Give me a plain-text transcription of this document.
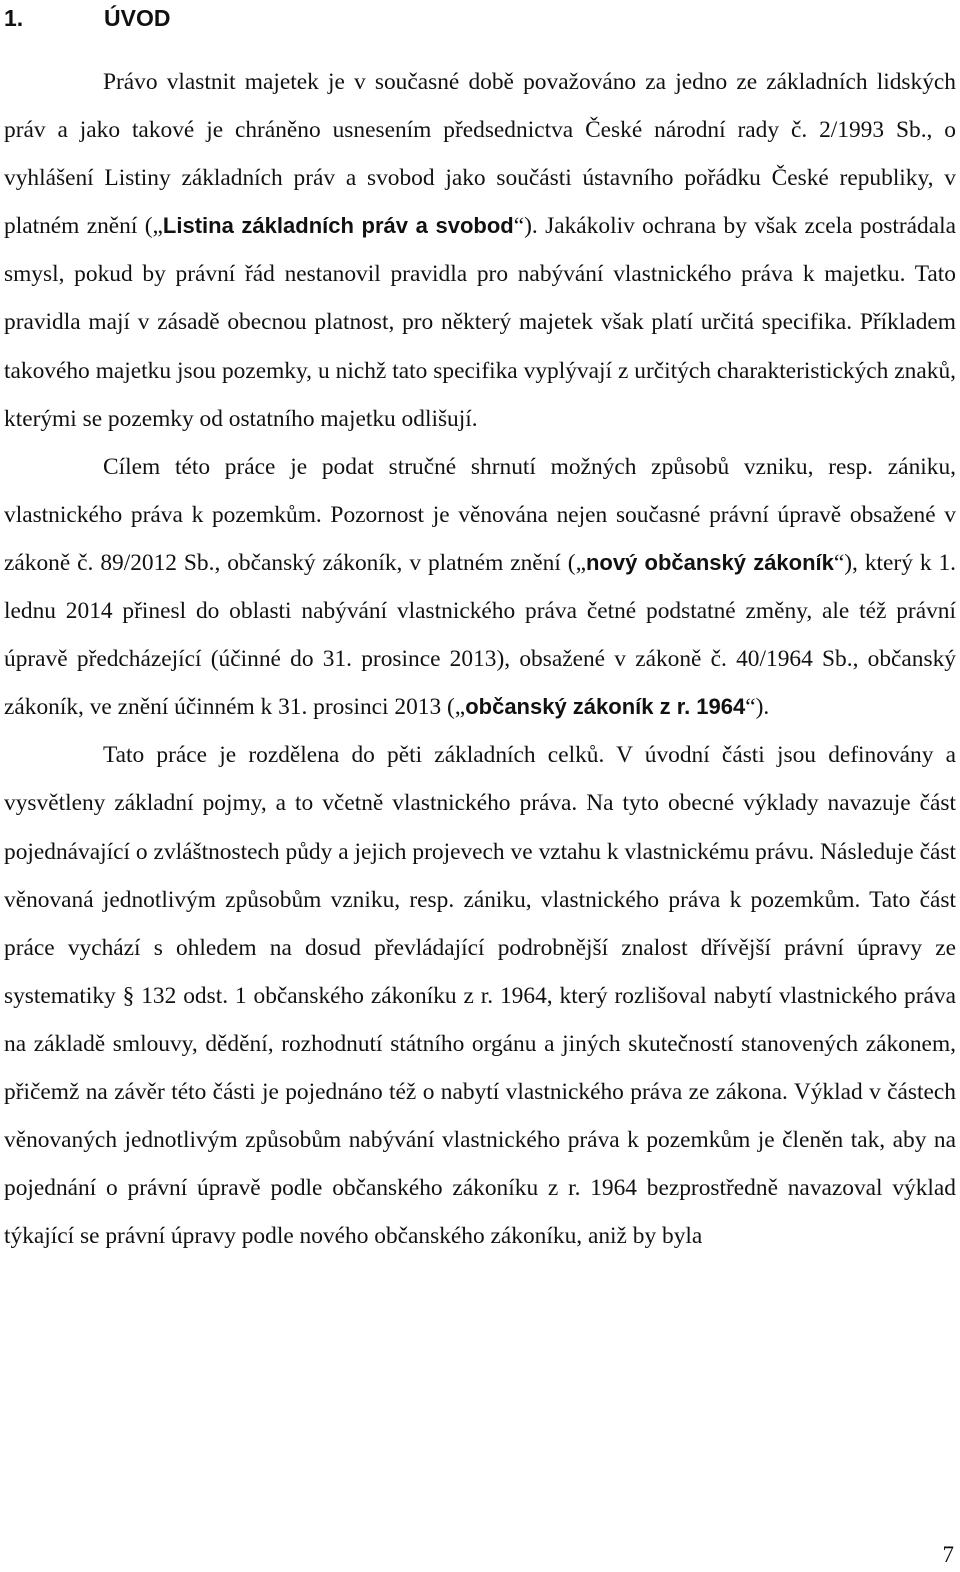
1.	ÚVOD

Právo vlastnit majetek je v současné době považováno za jedno ze základních lidských práv a jako takové je chráněno usnesením předsednictva České národní rady č. 2/1993 Sb., o vyhlášení Listiny základních práv a svobod jako součásti ústavního pořádku České republiky, v platném znění („Listina základních práv a svobod“). Jakákoliv ochrana by však zcela postrádala smysl, pokud by právní řád nestanovil pravidla pro nabývání vlastnického práva k majetku. Tato pravidla mají v zásadě obecnou platnost, pro některý majetek však platí určitá specifika. Příkladem takového majetku jsou pozemky, u nichž tato specifika vyplývají z určitých charakteristických znaků, kterými se pozemky od ostatního majetku odlišují.

Cílem této práce je podat stručné shrnutí možných způsobů vzniku, resp. zániku, vlastnického práva k pozemkům. Pozornost je věnována nejen současné právní úpravě obsažené v zákoně č. 89/2012 Sb., občanský zákoník, v platném znění („nový občanský zákoník“), který k 1. lednu 2014 přinesl do oblasti nabývání vlastnického práva četné podstatné změny, ale též právní úpravě předcházející (účinné do 31. prosince 2013), obsažené v zákoně č. 40/1964 Sb., občanský zákoník, ve znění účinném k 31. prosinci 2013 („občanský zákoník z r. 1964“).

Tato práce je rozdělena do pěti základních celků. V úvodní části jsou definovány a vysvětleny základní pojmy, a to včetně vlastnického práva. Na tyto obecné výklady navazuje část pojednávající o zvláštnostech půdy a jejich projevech ve vztahu k vlastnickému právu. Následuje část věnovaná jednotlivým způsobům vzniku, resp. zániku, vlastnického práva k pozemkům. Tato část práce vychází s ohledem na dosud převládající podrobnější znalost dřívější právní úpravy ze systematiky § 132 odst. 1 občanského zákoníku z r. 1964, který rozlišoval nabytí vlastnického práva na základě smlouvy, dědění, rozhodnutí státního orgánu a jiných skutečností stanovených zákonem, přičemž na závěr této části je pojednáno též o nabytí vlastnického práva ze zákona. Výklad v částech věnovaných jednotlivým způsobům nabývání vlastnického práva k pozemkům je členěn tak, aby na pojednání o právní úpravě podle občanského zákoníku z r. 1964 bezprostředně navazoval výklad týkající se právní úpravy podle nového občanského zákoníku, aniž by byla

7
